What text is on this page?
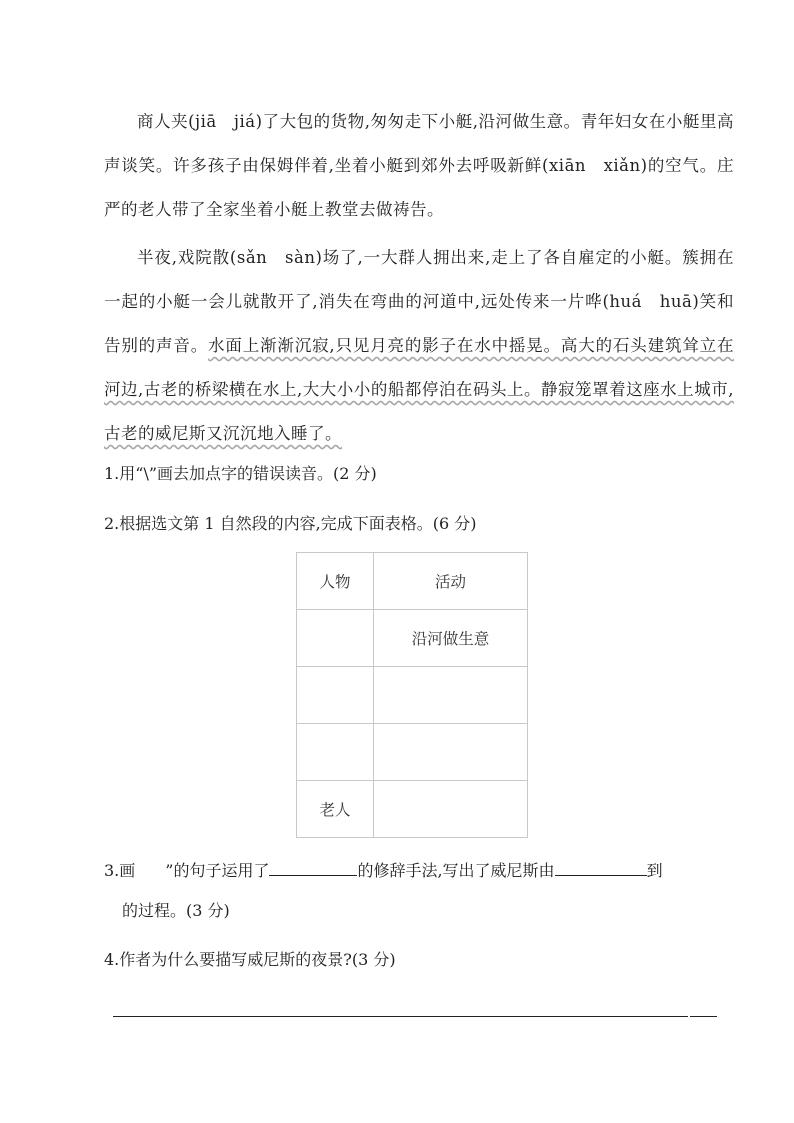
商人夹(jiā　jiá)了大包的货物,匆匆走下小艇,沿河做生意。青年妇女在小艇里高声谈笑。许多孩子由保姆伴着,坐着小艇到郊外去呼吸新鲜(xiān　xiǎn)的空气。庄严的老人带了全家坐着小艇上教堂去做祷告。

半夜,戏院散(sǎn　sàn)场了,一大群人拥出来,走上了各自雇定的小艇。簇拥在一起的小艇一会儿就散开了,消失在弯曲的河道中,远处传来一片哗(huá　huā)笑和告别的声音。水面上渐渐沉寂,只见月亮的影子在水中摇晃。高大的石头建筑耸立在河边,古老的桥梁横在水上,大大小小的船都停泊在码头上。静寂笼罩着这座水上城市,古老的威尼斯又沉沉地入睡了。

1.用“\”画去加点字的错误读音。(2 分)

2.根据选文第 1 自然段的内容,完成下面表格。(6 分)

人物	活动
	沿河做生意

老人	

3.画 ”的句子运用了	的修辞手法,写出了威尼斯由	到

的过程。(3 分)

4.作者为什么要描写威尼斯的夜景?(3 分)
